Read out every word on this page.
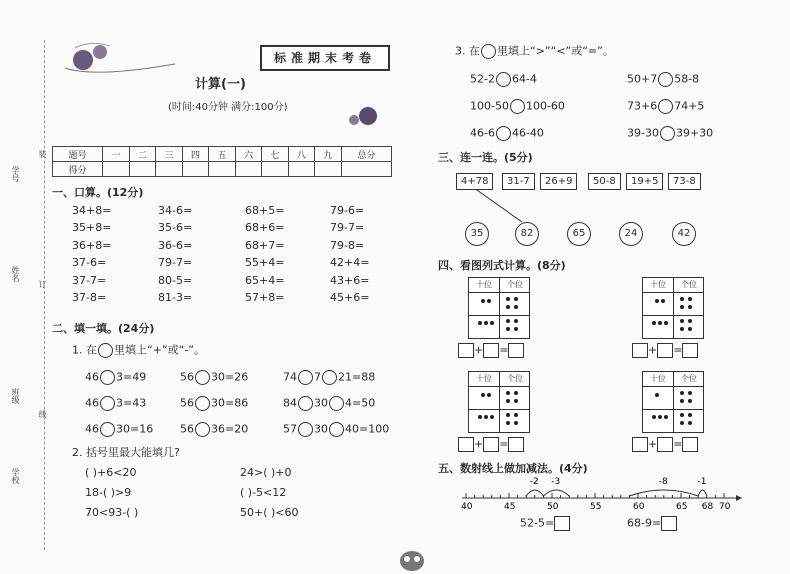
学号
姓名
班级
学校
装
订
线
标准期末考卷
计算(一)
(时间:40分钟 满分:100分)
题号	一	二	三	四	五	六	七	八	九	总分
得分										
一、口算。(12分)
二、填一填。(24分)
1. 在 里填上“+”或“-”。
2. 括号里最大能填几?
3. 在 里填上“>”“<”或“=”。
三、连一连。(5分)
四、看图列式计算。(8分)
五、数射线上做加减法。(4分)
40	45	50	55	60	65 68 70
-3
-2	-1
-8
52-5=	68-9=
34+8=	34-6=	68+5=	79-6=
35+8=	35-6=	68+6=	79-7=
36+8=	36-6=	68+7=	79-8=
37-6=	79-7=	55+4=	42+4=
37-7=	80-5=	65+4=	43+6=
37-8=	81-3=	57+8=	45+6=
46 3=49	56 30=26	74 7 21=88
46 3=43	56 30=86	84 30 4=50
46 30=16 56 36=20	57 30 40=100
( )+6<20	24>( )+0
18-( )>9	( )-5<12
70<93-( )	50+( )<60
52-2 64-4	50+7 58-8
100-50 100-60	73+6 74+5
46-6 46-40	39-30 39+30
4+78	31-7	26+9	50-8	19+5	73-8
35	82	65	24	42
十位	个位
+ =
十位	个位
+ =
十位	个位
+ =
十位	个位
+ =
